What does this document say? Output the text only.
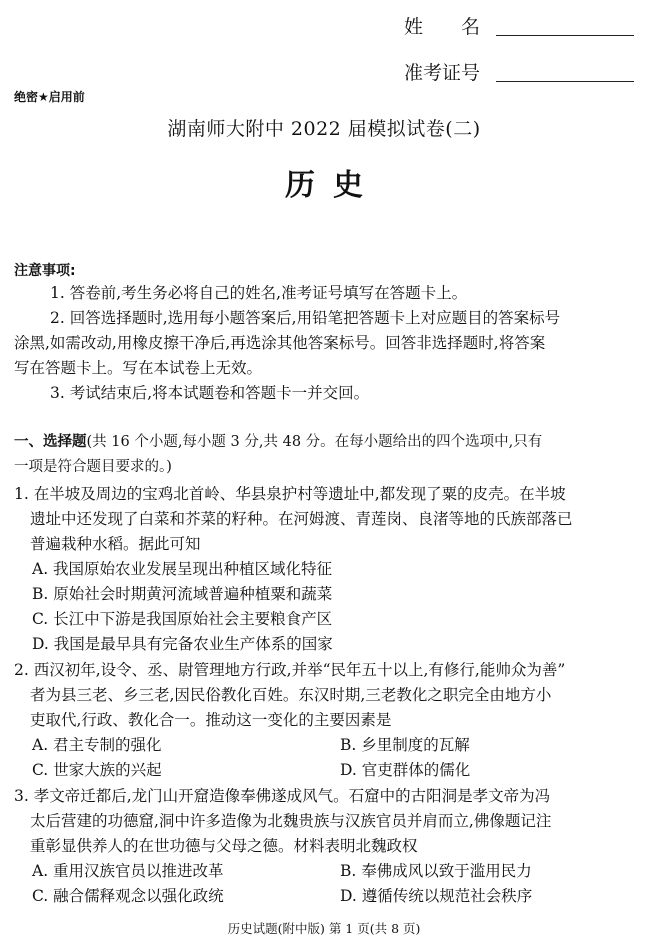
姓　　名
准考证号
绝密★启用前
湖南师大附中 2022 届模拟试卷(二)
历史
注意事项:
1. 答卷前,考生务必将自己的姓名,准考证号填写在答题卡上。
2. 回答选择题时,选用每小题答案后,用铅笔把答题卡上对应题目的答案标号
涂黑,如需改动,用橡皮擦干净后,再选涂其他答案标号。回答非选择题时,将答案
写在答题卡上。写在本试卷上无效。
3. 考试结束后,将本试题卷和答题卡一并交回。
一、选择题(共 16 个小题,每小题 3 分,共 48 分。在每小题给出的四个选项中,只有
一项是符合题目要求的。)
1. 在半坡及周边的宝鸡北首岭、华县泉护村等遗址中,都发现了粟的皮壳。在半坡
遗址中还发现了白菜和芥菜的籽种。在河姆渡、青莲岗、良渚等地的氏族部落已
普遍栽种水稻。据此可知
A. 我国原始农业发展呈现出种植区域化特征
B. 原始社会时期黄河流域普遍种植粟和蔬菜
C. 长江中下游是我国原始社会主要粮食产区
D. 我国是最早具有完备农业生产体系的国家
2. 西汉初年,设令、丞、尉管理地方行政,并举“民年五十以上,有修行,能帅众为善”
者为县三老、乡三老,因民俗教化百姓。东汉时期,三老教化之职完全由地方小
吏取代,行政、教化合一。推动这一变化的主要因素是
A. 君主专制的强化	B. 乡里制度的瓦解
C. 世家大族的兴起	D. 官吏群体的儒化
3. 孝文帝迁都后,龙门山开窟造像奉佛遂成风气。石窟中的古阳洞是孝文帝为冯
太后营建的功德窟,洞中许多造像为北魏贵族与汉族官员并肩而立,佛像题记注
重彰显供养人的在世功德与父母之德。材料表明北魏政权
A. 重用汉族官员以推进改革	B. 奉佛成风以致于滥用民力
C. 融合儒释观念以强化政统	D. 遵循传统以规范社会秩序
历史试题(附中版) 第 1 页(共 8 页)
